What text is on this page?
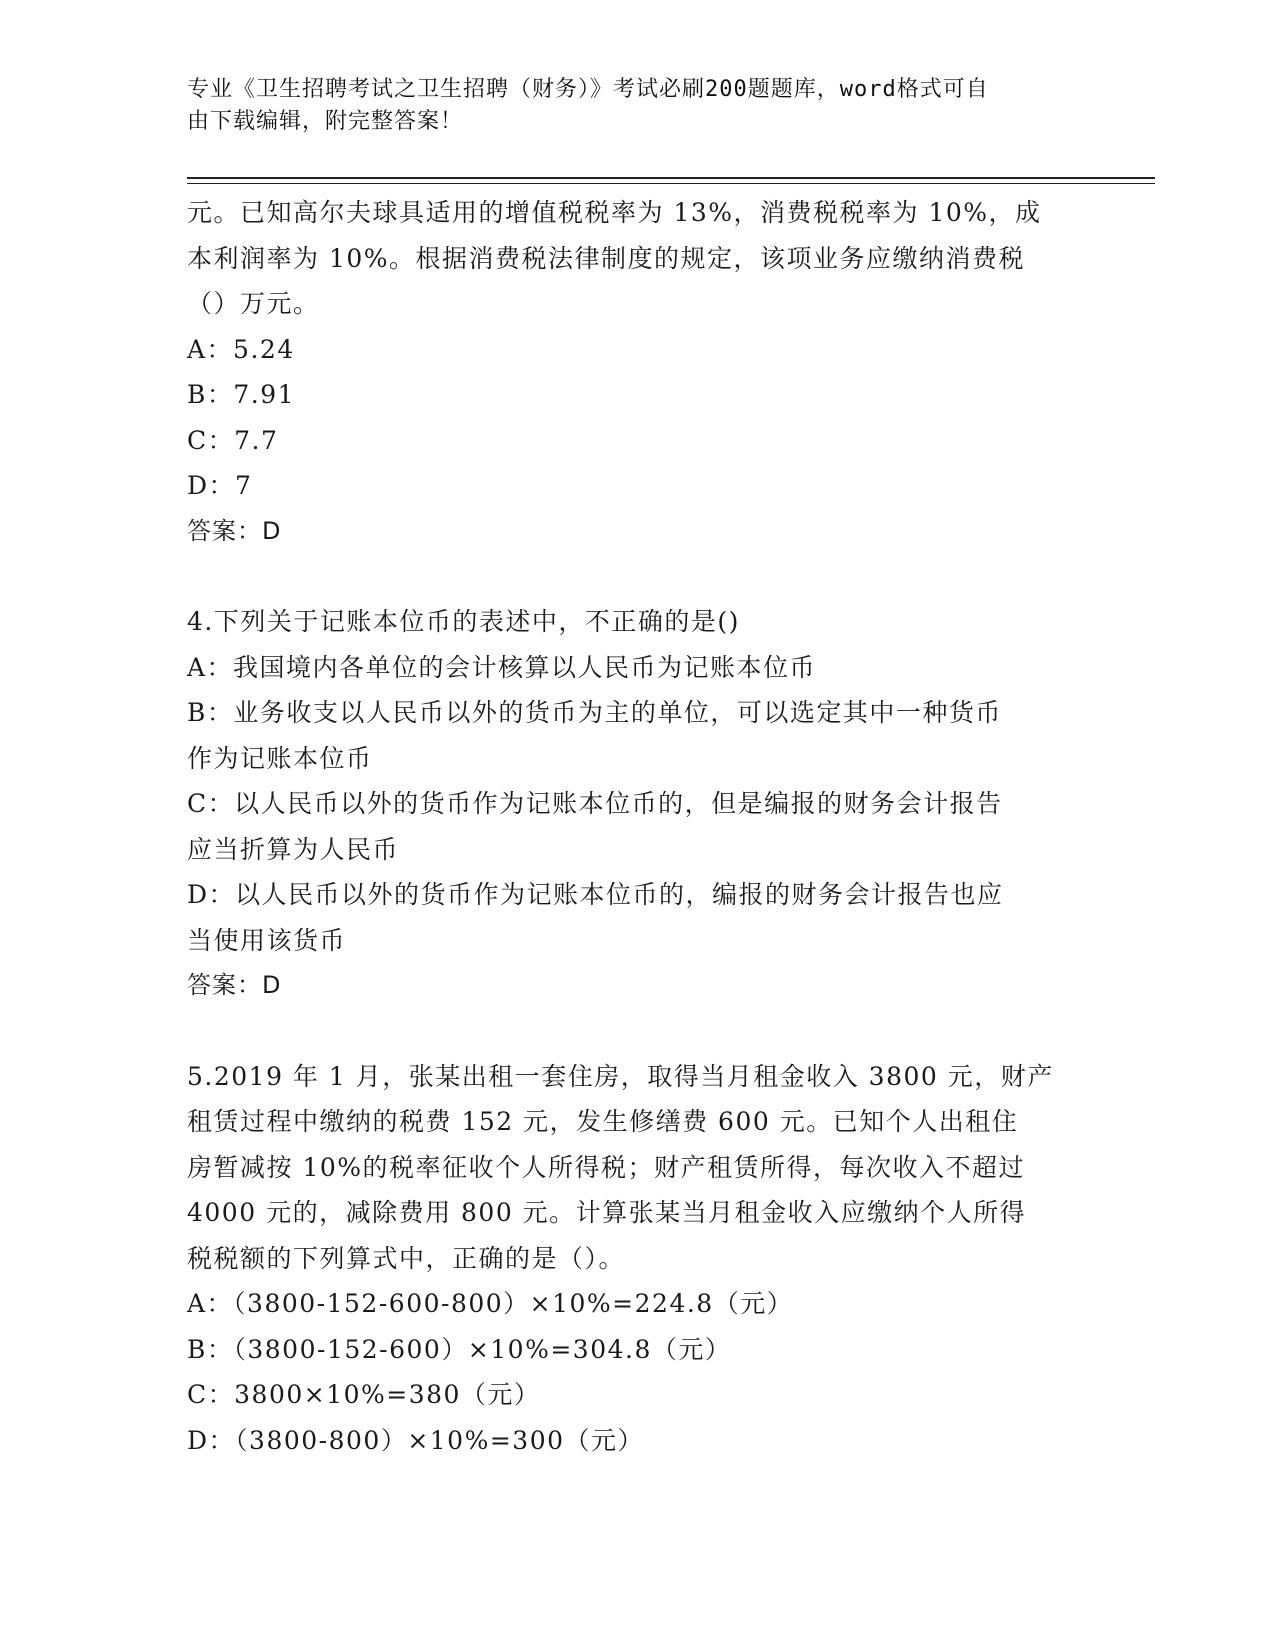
专业《卫生招聘考试之卫生招聘（财务）》考试必刷200题题库，word格式可自
由下载编辑，附完整答案！

元。已知高尔夫球具适用的增值税税率为 13%，消费税税率为 10%，成

本利润率为 10%。根据消费税法律制度的规定，该项业务应缴纳消费税

（）万元。

A：5.24

B：7.91

C：7.7

D：7

答案：D

4.下列关于记账本位币的表述中，不正确的是()

A：我国境内各单位的会计核算以人民币为记账本位币

B：业务收支以人民币以外的货币为主的单位，可以选定其中一种货币

作为记账本位币

C：以人民币以外的货币作为记账本位币的，但是编报的财务会计报告

应当折算为人民币

D：以人民币以外的货币作为记账本位币的，编报的财务会计报告也应

当使用该货币

答案：D

5.2019 年 1 月，张某出租一套住房，取得当月租金收入 3800 元，财产

租赁过程中缴纳的税费 152 元，发生修缮费 600 元。已知个人出租住

房暂减按 10%的税率征收个人所得税；财产租赁所得，每次收入不超过

4000 元的，减除费用 800 元。计算张某当月租金收入应缴纳个人所得

税税额的下列算式中，正确的是（）。

A：（3800-152-600-800）×10%=224.8（元）

B：（3800-152-600）×10%=304.8（元）

C：3800×10%=380（元）

D：（3800-800）×10%=300（元）
